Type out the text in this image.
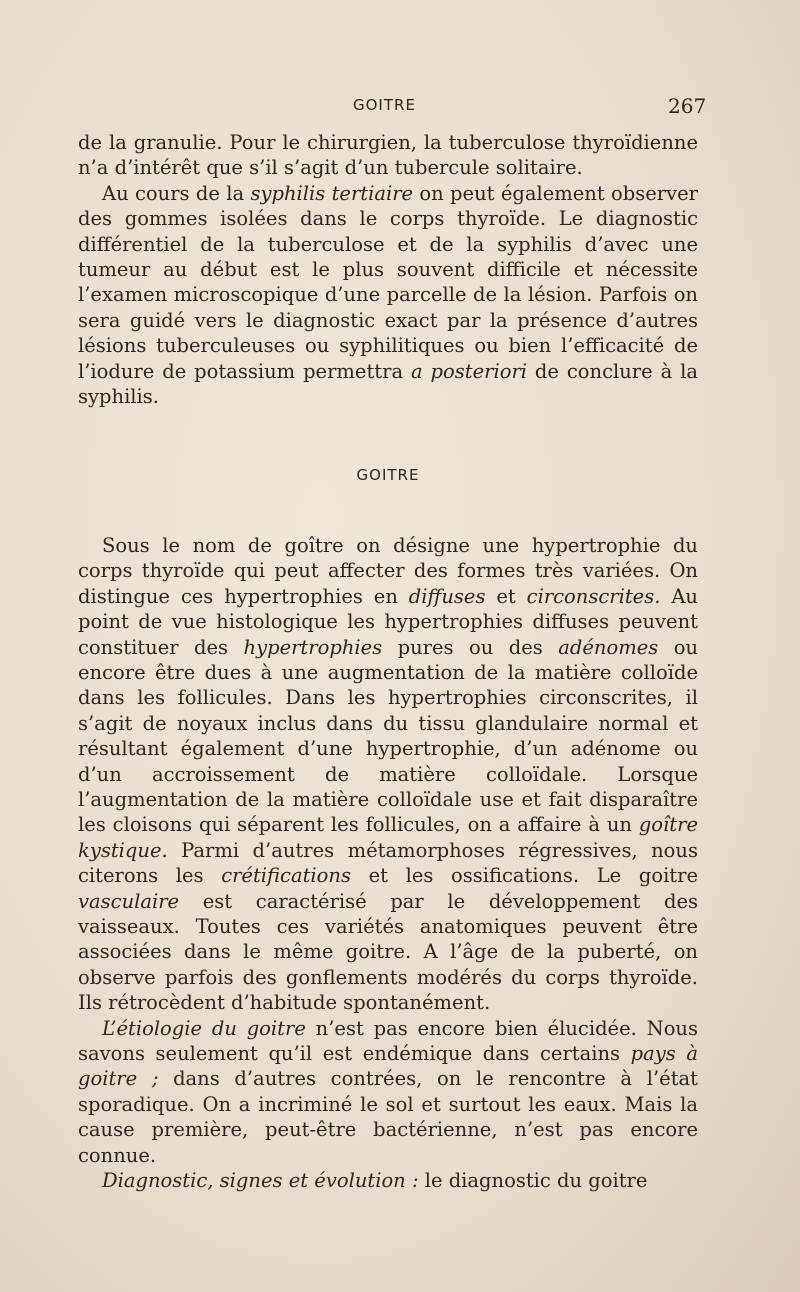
GOITRE	267

de la granulie. Pour le chirurgien, la tuberculose thyroïdienne n’a d’intérêt que s’il s’agit d’un tubercule solitaire.

Au cours de la syphilis tertiaire on peut également observer des gommes isolées dans le corps thyroïde. Le diagnostic différentiel de la tuberculose et de la syphilis d’avec une tumeur au début est le plus souvent difficile et nécessite l’examen microscopique d’une parcelle de la lésion. Parfois on sera guidé vers le diagnostic exact par la présence d’autres lésions tuberculeuses ou syphilitiques ou bien l’efficacité de l’iodure de potassium permettra a posteriori de conclure à la syphilis.

GOITRE

Sous le nom de goître on désigne une hypertrophie du corps thyroïde qui peut affecter des formes très variées. On distingue ces hypertrophies en diffuses et circonscrites. Au point de vue histologique les hypertrophies diffuses peuvent constituer des hypertrophies pures ou des adénomes ou encore être dues à une augmentation de la matière colloïde dans les follicules. Dans les hypertrophies circonscrites, il s’agit de noyaux inclus dans du tissu glandulaire normal et résultant également d’une hypertrophie, d’un adénome ou d’un accroissement de matière colloïdale. Lorsque l’augmentation de la matière colloïdale use et fait disparaître les cloisons qui séparent les follicules, on a affaire à un goître kystique. Parmi d’autres métamorphoses régressives, nous citerons les crétifications et les ossifications. Le goitre vasculaire est caractérisé par le développement des vaisseaux. Toutes ces variétés anatomiques peuvent être associées dans le même goitre. A l’âge de la puberté, on observe parfois des gonflements modérés du corps thyroïde. Ils rétrocèdent d’habitude spontanément.

L’étiologie du goitre n’est pas encore bien élucidée. Nous savons seulement qu’il est endémique dans certains pays à goitre ; dans d’autres contrées, on le rencontre à l’état sporadique. On a incriminé le sol et surtout les eaux. Mais la cause première, peut-être bactérienne, n’est pas encore connue.

Diagnostic, signes et évolution : le diagnostic du goitre
